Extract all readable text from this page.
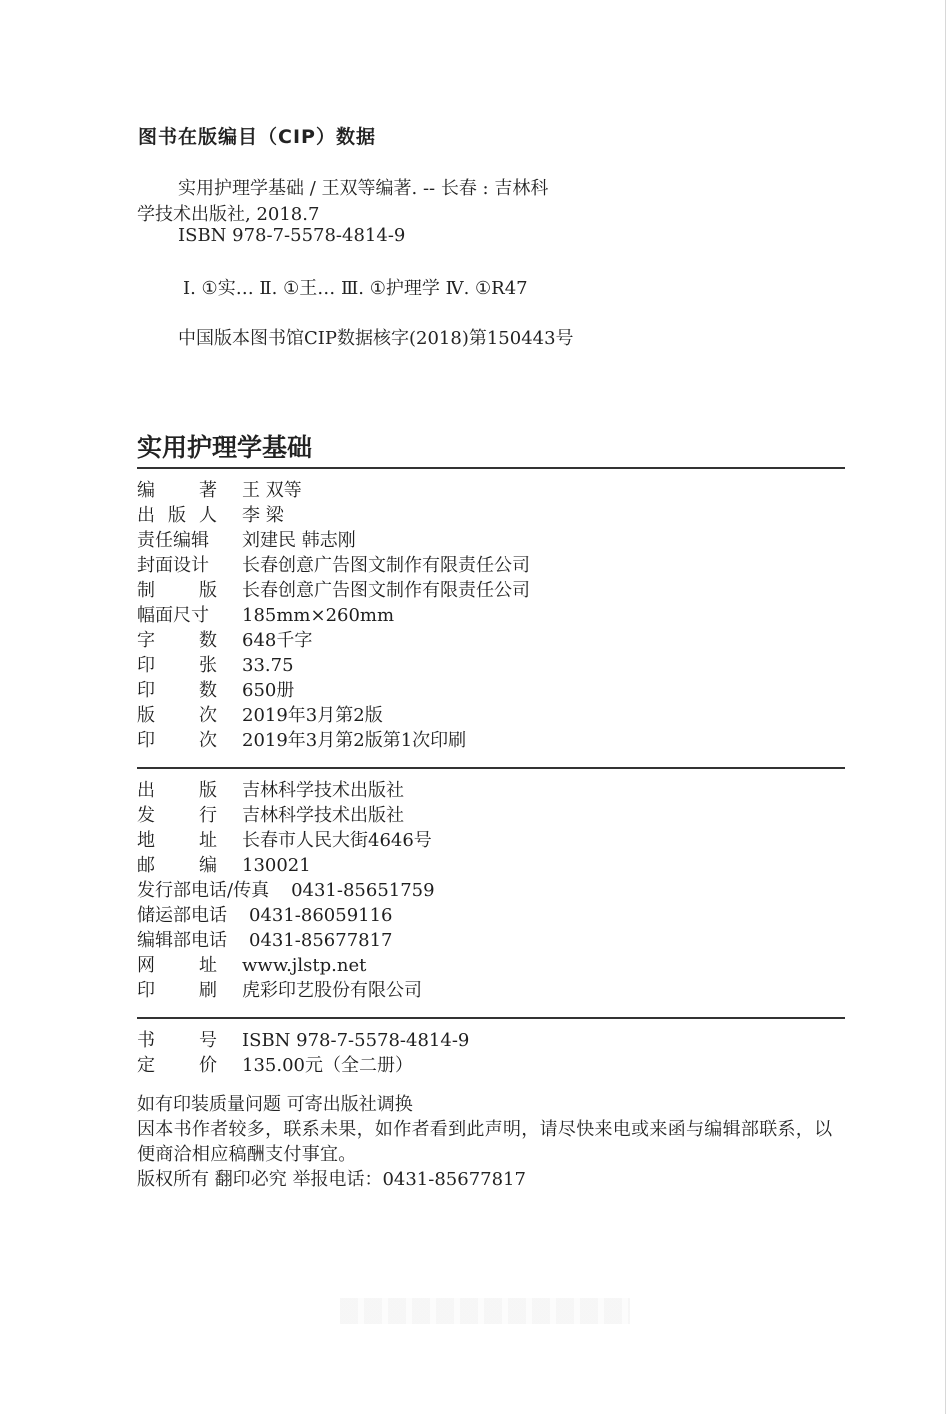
图书在版编目（CIP）数据
实用护理学基础 / 王双等编著. -- 长春 : 吉林科
学技术出版社, 2018.7
ISBN 978-7-5578-4814-9
Ⅰ. ①实… Ⅱ. ①王… Ⅲ. ①护理学 Ⅳ. ①R47
中国版本图书馆CIP数据核字(2018)第150443号
实用护理学基础
编 著 王 双等
出 版 人 李 梁
责任编辑 刘建民 韩志刚
封面设计 长春创意广告图文制作有限责任公司
制 版 长春创意广告图文制作有限责任公司
幅面尺寸 185mm×260mm
字 数 648千字
印 张 33.75
印 数 650册
版 次 2019年3月第2版
印 次 2019年3月第2版第1次印刷
出 版 吉林科学技术出版社
发 行 吉林科学技术出版社
地 址 长春市人民大街4646号
邮 编 130021
发行部电话/传真 0431-85651759
储运部电话 0431-86059116
编辑部电话 0431-85677817
网 址 www.jlstp.net
印 刷 虎彩印艺股份有限公司
书 号 ISBN 978-7-5578-4814-9
定 价 135.00元（全二册）
如有印装质量问题 可寄出版社调换
因本书作者较多，联系未果，如作者看到此声明，请尽快来电或来函与编辑部联系，以便商洽相应稿酬支付事宜。
版权所有 翻印必究 举报电话：0431-85677817
